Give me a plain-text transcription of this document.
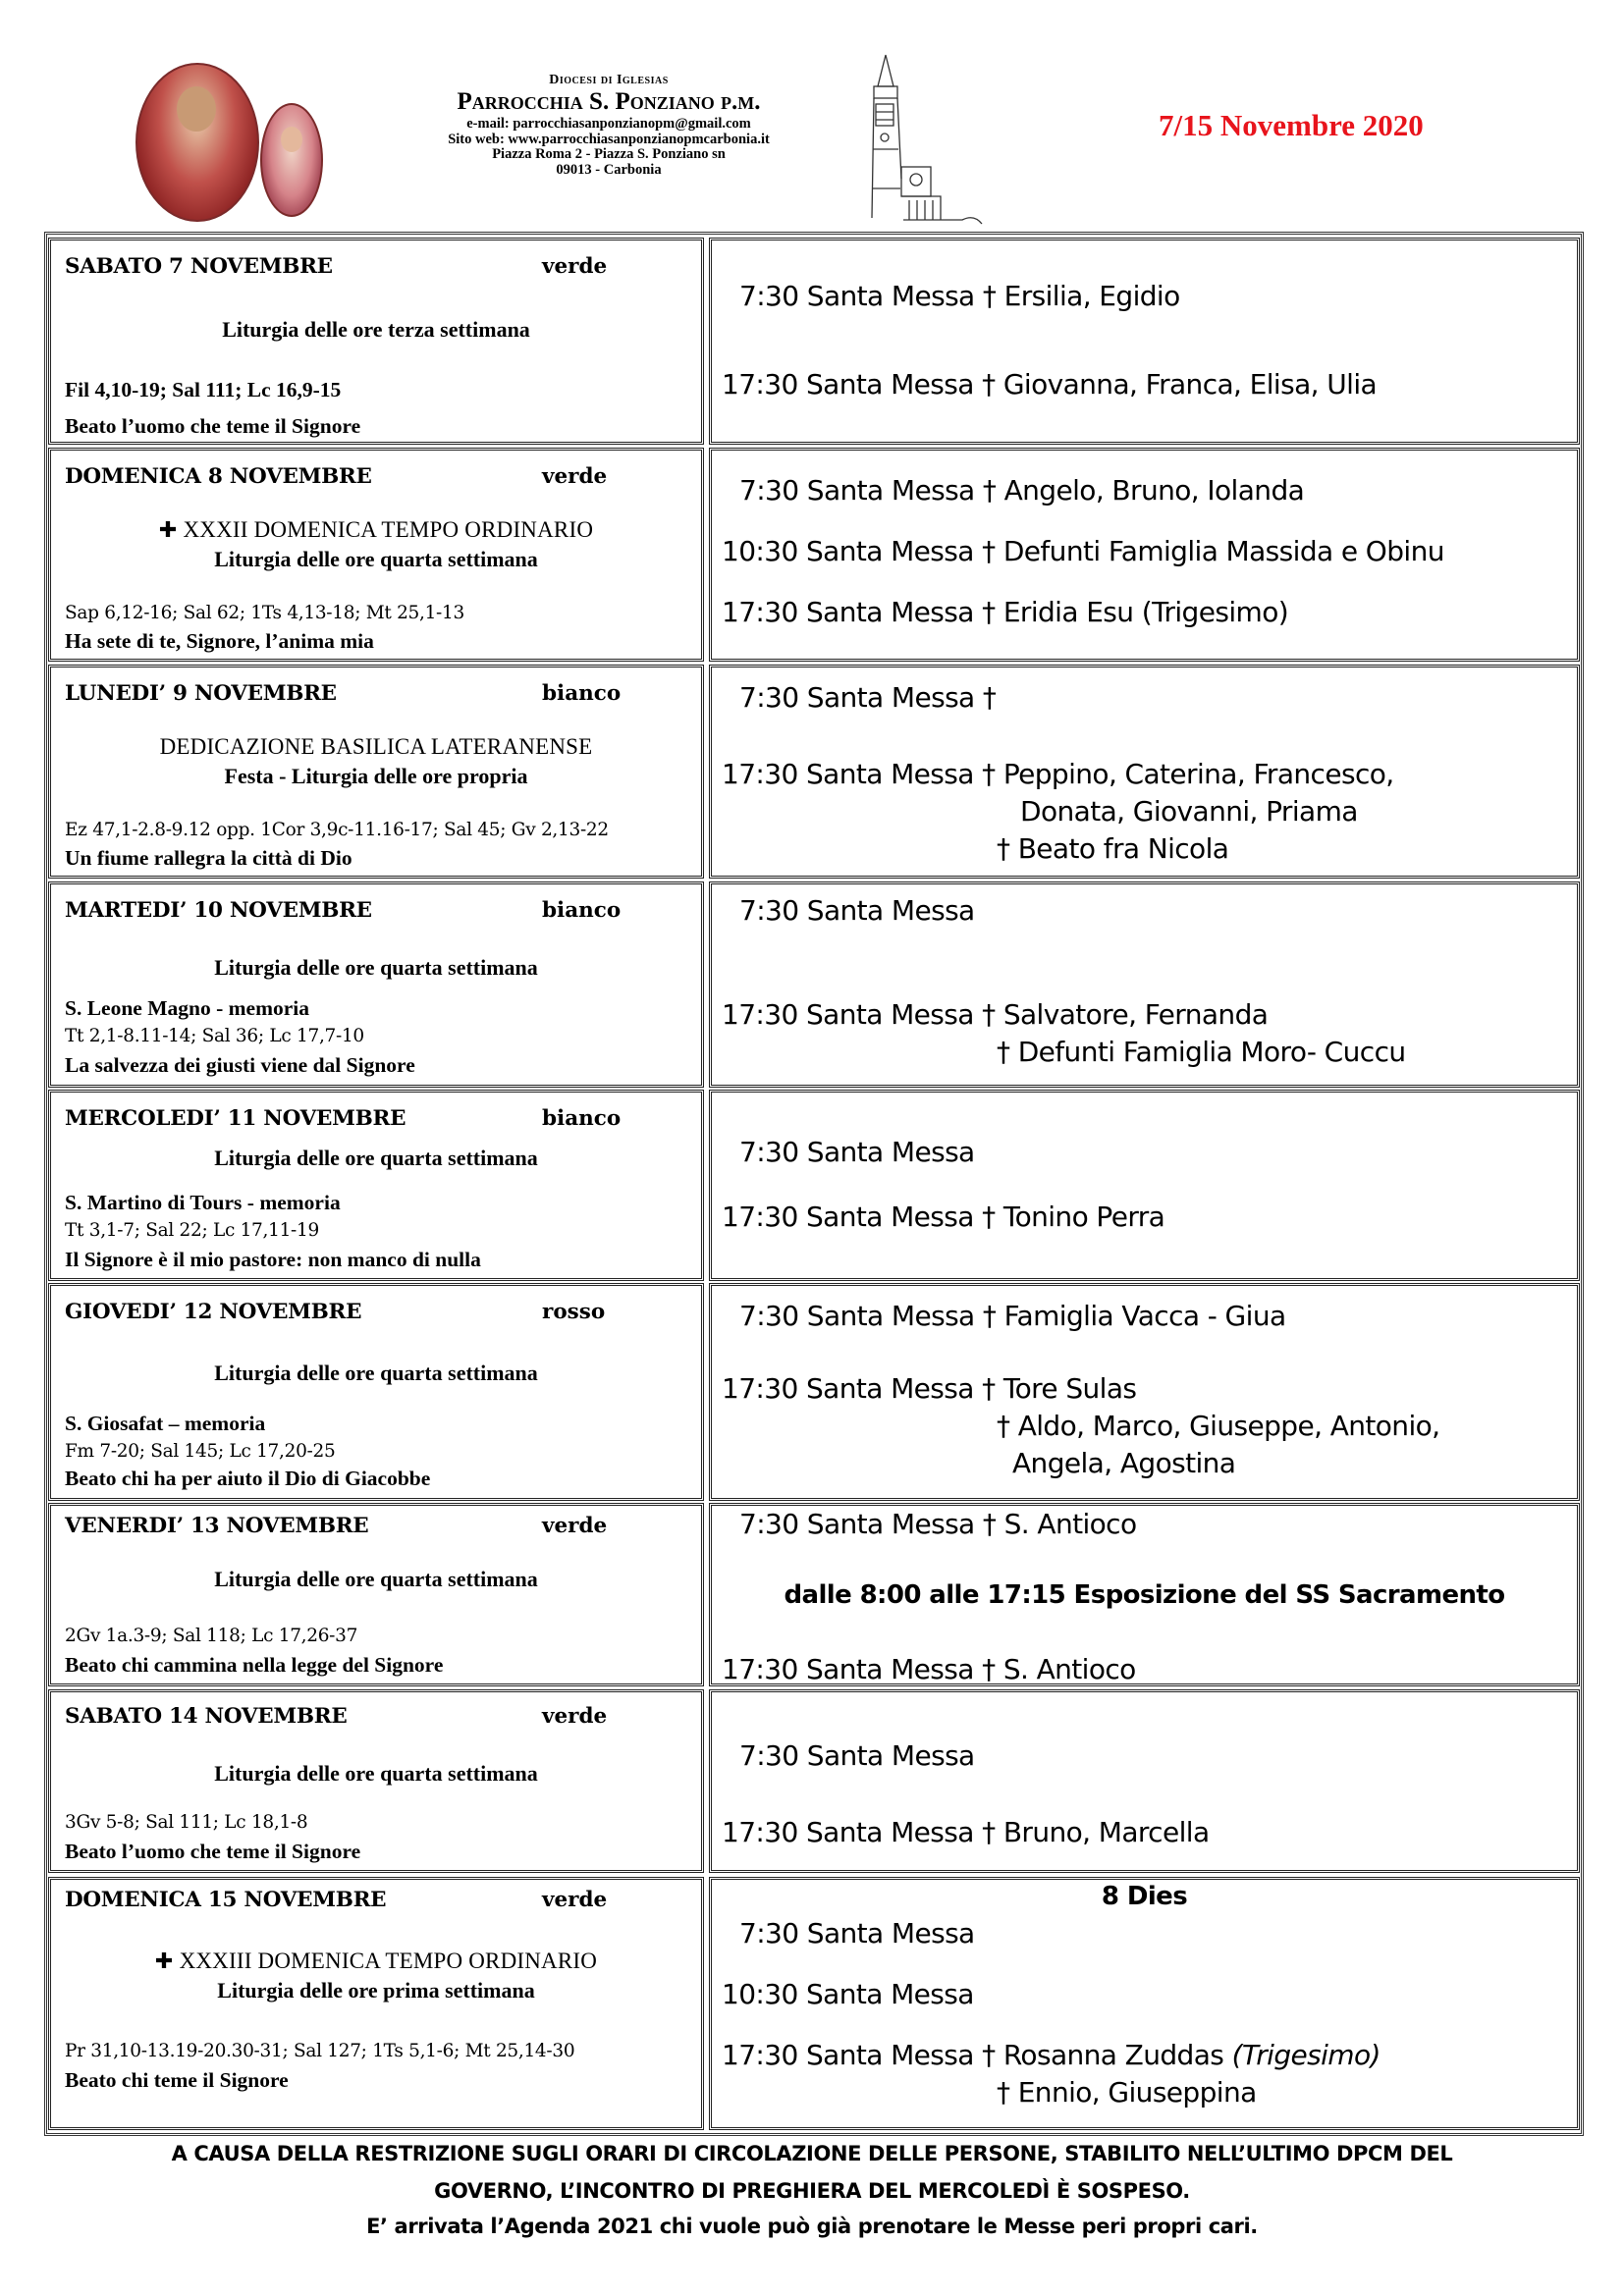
Diocesi di Iglesias
Parrocchia S. Ponziano p.m.
e-mail: parrocchiasanponzianopm@gmail.com
Sito web: www.parrocchiasanponzianopmcarbonia.it
Piazza Roma 2 - Piazza S. Ponziano sn
09013 - Carbonia
7/15 Novembre 2020
SABATO 7 NOVEMBRE	verde
Liturgia delle ore terza settimana
Fil 4,10-19; Sal 111; Lc 16,9-15
Beato l’uomo che teme il Signore
7:30 Santa Messa † Ersilia, Egidio
17:30 Santa Messa † Giovanna, Franca, Elisa, Ulia
DOMENICA 8 NOVEMBRE	verde
✚ XXXII DOMENICA TEMPO ORDINARIO
Liturgia delle ore quarta settimana
Sap 6,12-16; Sal 62; 1Ts 4,13-18; Mt 25,1-13
Ha sete di te, Signore, l’anima mia
7:30 Santa Messa † Angelo, Bruno, Iolanda
10:30 Santa Messa † Defunti Famiglia Massida e Obinu
17:30 Santa Messa † Eridia Esu (Trigesimo)
LUNEDI’ 9 NOVEMBRE	bianco
DEDICAZIONE BASILICA LATERANENSE
Festa - Liturgia delle ore propria
Ez 47,1-2.8-9.12 opp. 1Cor 3,9c-11.16-17; Sal 45; Gv 2,13-22
Un fiume rallegra la città di Dio
7:30 Santa Messa †
17:30 Santa Messa † Peppino, Caterina, Francesco,
Donata, Giovanni, Priama
† Beato fra Nicola
MARTEDI’ 10 NOVEMBRE	bianco
Liturgia delle ore quarta settimana
S. Leone Magno - memoria
Tt 2,1-8.11-14; Sal 36; Lc 17,7-10
La salvezza dei giusti viene dal Signore
7:30 Santa Messa
17:30 Santa Messa † Salvatore, Fernanda
† Defunti Famiglia Moro- Cuccu
MERCOLEDI’ 11 NOVEMBRE	bianco
Liturgia delle ore quarta settimana
S. Martino di Tours - memoria
Tt 3,1-7; Sal 22; Lc 17,11-19
Il Signore è il mio pastore: non manco di nulla
7:30 Santa Messa
17:30 Santa Messa † Tonino Perra
GIOVEDI’ 12 NOVEMBRE	rosso
Liturgia delle ore quarta settimana
S. Giosafat – memoria
Fm 7-20; Sal 145; Lc 17,20-25
Beato chi ha per aiuto il Dio di Giacobbe
7:30 Santa Messa † Famiglia Vacca - Giua
17:30 Santa Messa † Tore Sulas
† Aldo, Marco, Giuseppe, Antonio,
Angela, Agostina
VENERDI’ 13 NOVEMBRE	verde
Liturgia delle ore quarta settimana
2Gv 1a.3-9; Sal 118; Lc 17,26-37
Beato chi cammina nella legge del Signore
7:30 Santa Messa † S. Antioco
dalle 8:00 alle 17:15 Esposizione del SS Sacramento
17:30 Santa Messa † S. Antioco
SABATO 14 NOVEMBRE	verde
Liturgia delle ore quarta settimana
3Gv 5-8; Sal 111; Lc 18,1-8
Beato l’uomo che teme il Signore
7:30 Santa Messa
17:30 Santa Messa † Bruno, Marcella
DOMENICA 15 NOVEMBRE	verde
✚ XXXIII DOMENICA TEMPO ORDINARIO
Liturgia delle ore prima settimana
Pr 31,10-13.19-20.30-31; Sal 127; 1Ts 5,1-6; Mt 25,14-30
Beato chi teme il Signore
8 Dies
7:30 Santa Messa
10:30 Santa Messa
17:30 Santa Messa † Rosanna Zuddas (Trigesimo)
† Ennio, Giuseppina
A CAUSA DELLA RESTRIZIONE SUGLI ORARI DI CIRCOLAZIONE DELLE PERSONE, STABILITO NELL’ULTIMO DPCM DEL
GOVERNO, L’INCONTRO DI PREGHIERA DEL MERCOLEDÌ È SOSPESO.
E’ arrivata l’Agenda 2021 chi vuole può già prenotare le Messe peri propri cari.
